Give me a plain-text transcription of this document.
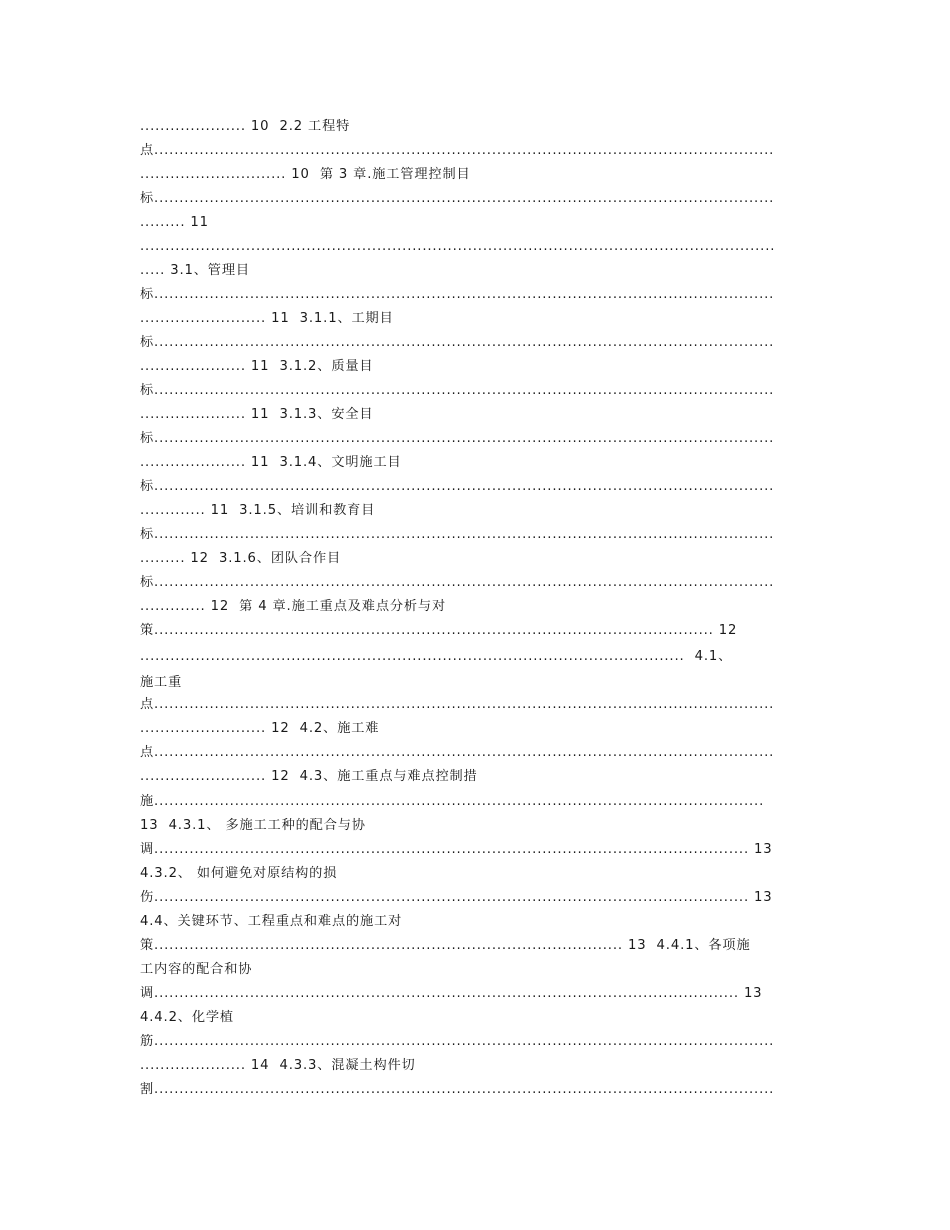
..................... 10  2.2 工程特
点...........................................................................................................................
............................. 10  第 3 章.施工管理控制目
标...........................................................................................................................
......... 11
..............................................................................................................................
..... 3.1、管理目
标...........................................................................................................................
......................... 11  3.1.1、工期目
标...........................................................................................................................
..................... 11  3.1.2、质量目
标...........................................................................................................................
..................... 11  3.1.3、安全目
标...........................................................................................................................
..................... 11  3.1.4、文明施工目
标...........................................................................................................................
............. 11  3.1.5、培训和教育目
标...........................................................................................................................
......... 12  3.1.6、团队合作目
标...........................................................................................................................
............. 12  第 4 章.施工重点及难点分析与对
策............................................................................................................... 12
............................................................................................................  4.1、
施工重
点...........................................................................................................................
......................... 12  4.2、施工难
点...........................................................................................................................
......................... 12  4.3、施工重点与难点控制措
施.........................................................................................................................
13  4.3.1、 多施工工种的配合与协
调...................................................................................................................... 13
4.3.2、 如何避免对原结构的损
伤...................................................................................................................... 13
4.4、关键环节、工程重点和难点的施工对
策............................................................................................. 13  4.4.1、各项施
工内容的配合和协
调.................................................................................................................... 13
4.4.2、化学植
筋...........................................................................................................................
..................... 14  4.3.3、混凝土构件切
割...........................................................................................................................
